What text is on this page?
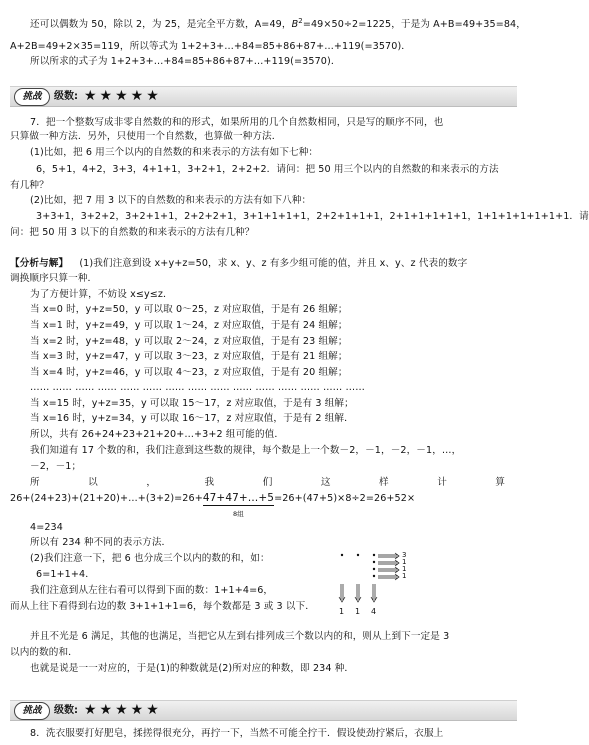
还可以偶数为 50，除以 2，为 25，是完全平方数，A=49，$B^2=49\times 50\div 2=1225$，于是为 A+B=49+35=84，
A+2B=49+2×35=119，所以等式为 1+2+3+…+84=85+86+87+…+119(=3570)．
所以所求的式子为 1+2+3+…+84=85+86+87+…+119(=3570)．
挑战	级数: ★★★★★
7．把一个整数写成非零自然数的和的形式，如果所用的几个自然数相同，只是写的顺序不同，也
只算做一种方法．另外，只使用一个自然数，也算做一种方法．
(1)比如，把 6 用三个以内的自然数的和来表示的方法有如下七种：
6，5+1，4+2，3+3，4+1+1，3+2+1，2+2+2．请问：把 50 用三个以内的自然数的和来表示的方法
有几种？
(2)比如，把 7 用 3 以下的自然数的和来表示的方法有如下八种：
3+3+1，3+2+2，3+2+1+1，2+2+2+1，3+1+1+1+1，2+2+1+1+1，2+1+1+1+1+1，1+1+1+1+1+1+1．请
问：把 50 用 3 以下的自然数的和来表示的方法有几种？
【分析与解】 (1)我们注意到设 x+y+z=50，求 x、y、z 有多少组可能的值，并且 x、y、z 代表的数字
调换顺序只算一种．
为了方便计算，不妨设 x≤y≤z．
当 x=0 时，y+z=50，y 可以取 0～25，z 对应取值，于是有 26 组解；
当 x=1 时，y+z=49，y 可以取 1～24，z 对应取值，于是有 24 组解；
当 x=2 时，y+z=48，y 可以取 2～24，z 对应取值，于是有 23 组解；
当 x=3 时，y+z=47，y 可以取 3～23，z 对应取值，于是有 21 组解；
当 x=4 时，y+z=46，y 可以取 4～23，z 对应取值，于是有 20 组解；
…… …… …… …… …… …… …… …… …… …… …… …… …… …… ……
当 x=15 时，y+z=35，y 可以取 15～17，z 对应取值，于是有 3 组解；
当 x=16 时，y+z=34，y 可以取 16～17，z 对应取值，于是有 2 组解．
所以，共有 26+24+23+21+20+…+3+2 组可能的值．
我们知道有 17 个数的和，我们注意到这些数的规律，每个数是上一个数－2，－1，－2，－1，…，
－2，－1；
所	以	，	我	们	这	样	计	算
26+(24+23)+(21+20)+…+(3+2)=26+47+47+…+5
8组
=26+(47+5)×8÷2=26+52×
4=234
所以有 234 种不同的表示方法．
(2)我们注意一下，把 6 也分成三个以内的数的和，如：
6=1+1+4．
我们注意到从左往右看可以得到下面的数：1+1+4=6，
而从上往下看得到右边的数 3+1+1+1=6，每个数都是 3 或 3 以下．
3
1
1
1
1 1 4
并且不光是 6 满足，其他的也满足，当把它从左到右排列成三个数以内的和，则从上到下一定是 3
以内的数的和．
也就是说是一一对应的，于是(1)的种数就是(2)所对应的种数，即 234 种．
挑战	级数: ★★★★★
8．洗衣服要打好肥皂，揉搓得很充分，再拧一下，当然不可能全拧干．假设使劲拧紧后，衣服上
